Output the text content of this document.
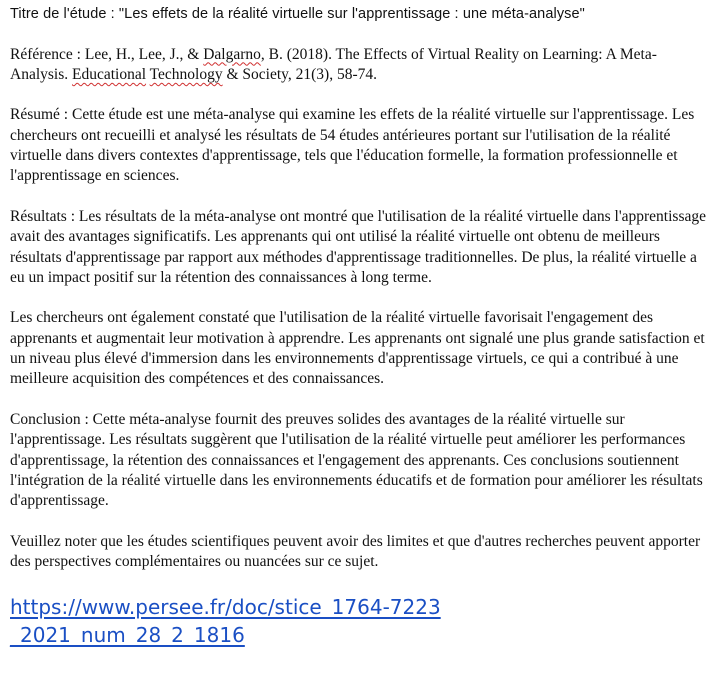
Titre de l'étude : "Les effets de la réalité virtuelle sur l'apprentissage : une méta-analyse"

Référence : Lee, H., Lee, J., & Dalgarno, B. (2018). The Effects of Virtual Reality on Learning: A Meta-Analysis. Educational Technology & Society, 21(3), 58-74.

Résumé : Cette étude est une méta-analyse qui examine les effets de la réalité virtuelle sur l'apprentissage. Les chercheurs ont recueilli et analysé les résultats de 54 études antérieures portant sur l'utilisation de la réalité virtuelle dans divers contextes d'apprentissage, tels que l'éducation formelle, la formation professionnelle et l'apprentissage en sciences.

Résultats : Les résultats de la méta-analyse ont montré que l'utilisation de la réalité virtuelle dans l'apprentissage avait des avantages significatifs. Les apprenants qui ont utilisé la réalité virtuelle ont obtenu de meilleurs résultats d'apprentissage par rapport aux méthodes d'apprentissage traditionnelles. De plus, la réalité virtuelle a eu un impact positif sur la rétention des connaissances à long terme.

Les chercheurs ont également constaté que l'utilisation de la réalité virtuelle favorisait l'engagement des apprenants et augmentait leur motivation à apprendre. Les apprenants ont signalé une plus grande satisfaction et un niveau plus élevé d'immersion dans les environnements d'apprentissage virtuels, ce qui a contribué à une meilleure acquisition des compétences et des connaissances.

Conclusion : Cette méta-analyse fournit des preuves solides des avantages de la réalité virtuelle sur l'apprentissage. Les résultats suggèrent que l'utilisation de la réalité virtuelle peut améliorer les performances d'apprentissage, la rétention des connaissances et l'engagement des apprenants. Ces conclusions soutiennent l'intégration de la réalité virtuelle dans les environnements éducatifs et de formation pour améliorer les résultats d'apprentissage.

Veuillez noter que les études scientifiques peuvent avoir des limites et que d'autres recherches peuvent apporter des perspectives complémentaires ou nuancées sur ce sujet.

https://www.persee.fr/doc/stice_1764-7223_2021_num_28_2_1816
